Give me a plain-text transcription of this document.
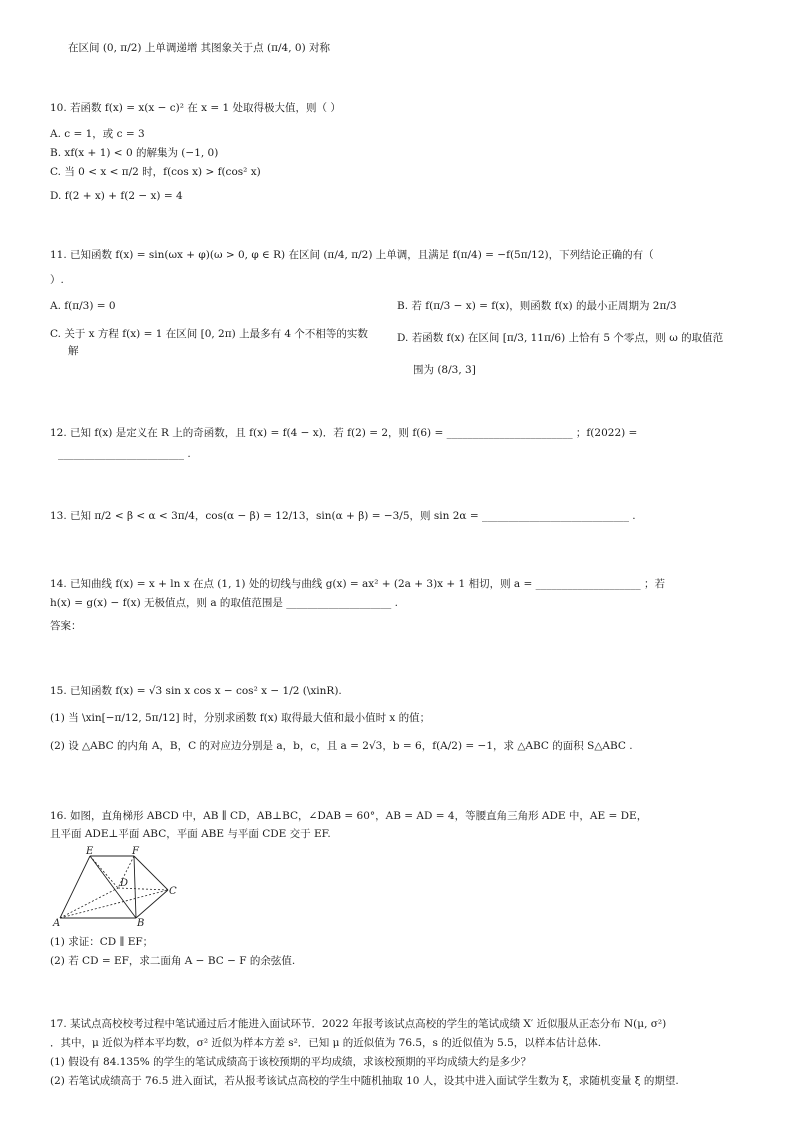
在区间 (0, π/2) 上单调递增 其图象关于点 (π/4, 0) 对称
10. 若函数 f(x) = x(x − c)² 在 x = 1 处取得极大值，则（ ）
A. c = 1，或 c = 3
B. xf(x + 1) < 0 的解集为 (−1, 0)
C. 当 0 < x < π/2 时，f(cos x) > f(cos² x)
D. f(2 + x) + f(2 − x) = 4
11. 已知函数 f(x) = sin(ωx + φ)(ω > 0, φ ∈ R) 在区间 (π/4, π/2) 上单调，且满足 f(π/4) = −f(5π/12)，下列结论正确的有（
）.
A. f(π/3) = 0	B. 若 f(π/3 − x) = f(x)，则函数 f(x) 的最小正周期为 2π/3
C. 关于 x 方程 f(x) = 1 在区间 [0, 2π) 上最多有 4 个不相等的实数
解
D. 若函数 f(x) 在区间 [π/3, 11π/6) 上恰有 5 个零点，则 ω 的取值范
围为 (8/3, 3]
12. 已知 f(x) 是定义在 R 上的奇函数，且 f(x) = f(4 − x)．若 f(2) = 2，则 f(6) = ________________________ ；f(2022) =
________________________ .
13. 已知 π/2 < β < α < 3π/4，cos(α − β) = 12/13，sin(α + β) = −3/5，则 sin 2α = ____________________________ .
14. 已知曲线 f(x) = x + ln x 在点 (1, 1) 处的切线与曲线 g(x) = ax² + (2a + 3)x + 1 相切，则 a = ____________________ ；若
h(x) = g(x) − f(x) 无极值点，则 a 的取值范围是 ____________________ .
答案：
15. 已知函数 f(x) = √3 sin x cos x − cos² x − 1/2 (\xinR).
(1) 当 \xin[−π/12, 5π/12] 时，分别求函数 f(x) 取得最大值和最小值时 x 的值；
(2) 设 △ABC 的内角 A，B，C 的对应边分别是 a，b，c，且 a = 2√3，b = 6，f(A/2) = −1，求 △ABC 的面积 S△ABC .
16. 如图，直角梯形 ABCD 中，AB ∥ CD，AB⊥BC，∠DAB = 60°，AB = AD = 4，等腰直角三角形 ADE 中，AE = DE，
且平面 ADE⊥平面 ABC，平面 ABE 与平面 CDE 交于 EF.
(1) 求证：CD ∥ EF；
(2) 若 CD = EF，求二面角 A − BC − F 的余弦值.
17. 某试点高校校考过程中笔试通过后才能进入面试环节．2022 年报考该试点高校的学生的笔试成绩 X′ 近似服从正态分布 N(μ, σ²)
．其中，μ 近似为样本平均数，σ² 近似为样本方差 s²．已知 μ 的近似值为 76.5，s 的近似值为 5.5，以样本估计总体.
(1) 假设有 84.135% 的学生的笔试成绩高于该校预期的平均成绩，求该校预期的平均成绩大约是多少？
(2) 若笔试成绩高于 76.5 进入面试，若从报考该试点高校的学生中随机抽取 10 人，设其中进入面试学生数为 ξ，求随机变量 ξ 的期望.
E	F
D
C
A	B
